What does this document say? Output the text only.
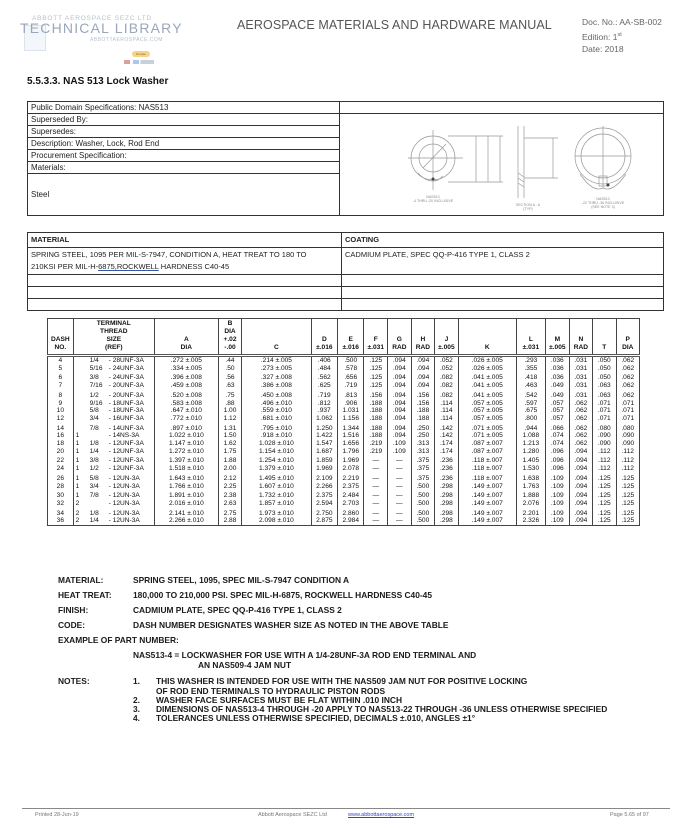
ABBOTT AEROSPACE SEZC LTD
TECHNICAL LIBRARY
ABBOTTAEROSPACE.COM
Donate
AEROSPACE MATERIALS AND HARDWARE MANUAL	Doc. No.: AA-SB-002
Edition: 1st
Date: 2018
5.5.3.3. NAS 513 Lock Washer
Public Domain Specifications: NAS513	
Superseded By:	
Supersedes:	
Description: Washer, Lock, Rod End	
Procurement Specification:	
Materials:	
Steel		NAS513
-4 THRU -20 INCLUSIVE
SECTION A - A
(TYP)
NAS513
-22 THRU -36 INCLUSIVE
(SEE NOTE 3)
MATERIAL	COATING

SPRING STEEL, 1095 PER MIL-S-7947, CONDITION A, HEAT TREAT TO 180 TO
210KSI PER MIL-H-6875,ROCKWELL HARDNESS C40-45	CADMIUM PLATE, SPEC QQ-P-416 TYPE 1, CLASS 2

DASH
NO.

TERMINAL
THREAD
SIZE
(REF)

A
DIA

B
DIA
+.02
-.00	C

D
±.016

E
±.016

F
±.031

G
RAD

H
RAD

J
±.005	K

L
±.031

M
±.005

N
RAD	T

P
DIA

4	1/4 - 28UNF-3A	.272 ±.005	.44	.214 ±.005	.406	.500	.125	.094	.094	.052	.026 ±.005	.293	.036	.031	.050	.062
5	5/16 - 24UNF-3A	.334 ±.005	.50	.273 ±.005	.484	.578	.125	.094	.094	.052	.026 ±.005	.355	.036	.031	.050	.062
6	3/8 - 24UNF-3A	.396 ±.008	.56	.327 ±.008	.562	.656	.125	.094	.094	.082	.041 ±.005	.418	.036	.031	.050	.062
7	7/16 - 20UNF-3A	.459 ±.008	.63	.386 ±.008	.625	.719	.125	.094	.094	.082	.041 ±.005	.463	.049	.031	.063	.062
8	1/2 - 20UNF-3A	.520 ±.008	.75	.450 ±.008	.719	.813	.156	.094	.156	.082	.041 ±.005	.542	.049	.031	.063	.062
9	9/16 - 18UNF-3A	.583 ±.008	.88	.496 ±.010	.812	.906	.188	.094	.156	.114	.057 ±.005	.597	.057	.062	.071	.071
10	5/8 - 18UNF-3A	.647 ±.010	1.00	.559 ±.010	.937	1.031	.188	.094	.188	.114	.057 ±.005	.675	.057	.062	.071	.071
12	3/4 - 16UNF-3A	.772 ±.010	1.12	.681 ±.010	1.062	1.156	.188	.094	.188	.114	.057 ±.005	.800	.057	.062	.071	.071
14	7/8 - 14UNF-3A	.897 ±.010	1.31	.795 ±.010	1.250	1.344	.188	.094	.250	.142	.071 ±.005	.944	.066	.062	.080	.080
16	1 - 14NS-3A	1.022 ±.010	1.50	.918 ±.010	1.422	1.516	.188	.094	.250	.142	.071 ±.005	1.088	.074	.062	.090	.090
18	1 1/8 - 12UNF-3A	1.147 ±.010	1.62	1.028 ±.010	1.547	1.656	.219	.109	.313	.174	.087 ±.007	1.213	.074	.062	.090	.090
20	1 1/4 - 12UNF-3A	1.272 ±.010	1.75	1.154 ±.010	1.687	1.796	.219	.109	.313	.174	.087 ±.007	1.280	.096	.094	.112	.112
22	1 3/8 - 12UNF-3A	1.397 ±.010	1.88	1.254 ±.010	1.859	1.969	—	—	.375	.236	.118 ±.007	1.405	.096	.094	.112	.112
24	1 1/2 - 12UNF-3A	1.518 ±.010	2.00	1.379 ±.010	1.969	2.078	—	—	.375	.236	.118 ±.007	1.530	.096	.094	.112	.112
26	1 5/8 - 12UN-3A	1.643 ±.010	2.12	1.495 ±.010	2.109	2.219	—	—	.375	.236	.118 ±.007	1.638	.109	.094	.125	.125
28	1 3/4 - 12UN-3A	1.766 ±.010	2.25	1.607 ±.010	2.266	2.375	—	—	.500	.298	.149 ±.007	1.763	.109	.094	.125	.125
30	1 7/8 - 12UN-3A	1.891 ±.010	2.38	1.732 ±.010	2.375	2.484	—	—	.500	.298	.149 ±.007	1.888	.109	.094	.125	.125
32	2 - 12UN-3A	2.016 ±.010	2.63	1.857 ±.010	2.594	2.703	—	—	.500	.298	.149 ±.007	2.076	.109	.094	.125	.125
34	2 1/8 - 12UN-3A	2.141 ±.010	2.75	1.973 ±.010	2.750	2.860	—	—	.500	.298	.149 ±.007	2.201	.109	.094	.125	.125
36	2 1/4 - 12UN-3A	2.266 ±.010	2.88	2.098 ±.010	2.875	2.984	—	—	.500	.298	.149 ±.007	2.326	.109	.094	.125	.125
MATERIAL:	SPRING STEEL, 1095, SPEC MIL-S-7947 CONDITION A
HEAT TREAT:	180,000 TO 210,000 PSI. SPEC MIL-H-6875, ROCKWELL HARDNESS C40-45
FINISH:	CADMIUM PLATE, SPEC QQ-P-416 TYPE 1, CLASS 2
CODE:	DASH NUMBER DESIGNATES WASHER SIZE AS NOTED IN THE ABOVE TABLE
EXAMPLE OF PART NUMBER:
NAS513-4 = LOCKWASHER FOR USE WITH A 1/4-28UNF-3A ROD END TERMINAL AND
AN NAS509-4 JAM NUT
NOTES:	1. THIS WASHER IS INTENDED FOR USE WITH THE NAS509 JAM NUT FOR POSITIVE LOCKING
OF ROD END TERMINALS TO HYDRAULIC PISTON RODS
2. WASHER FACE SURFACES MUST BE FLAT WITHIN .010 INCH
3. DIMENSIONS OF NAS513-4 THROUGH -20 APPLY TO NAS513-22 THROUGH -36 UNLESS OTHERWISE SPECIFIED
4. TOLERANCES UNLESS OTHERWISE SPECIFIED, DECIMALS ±.010, ANGLES ±1°
Printed 28-Jun-19	Abbott Aerospace SEZC Ltd	www.abbottaerospace.com	Page 5.65 of 97
